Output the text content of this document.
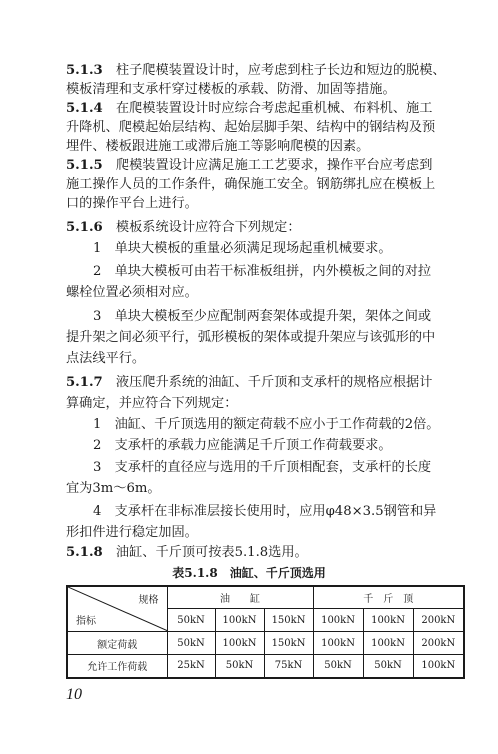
5.1.3　柱子爬模装置设计时，应考虑到柱子长边和短边的脱模、

模板清理和支承杆穿过楼板的承载、防滑、加固等措施。

5.1.4　在爬模装置设计时应综合考虑起重机械、布料机、施工

升降机、爬模起始层结构、起始层脚手架、结构中的钢结构及预

埋件、楼板跟进施工或滞后施工等影响爬模的因素。

5.1.5　爬模装置设计应满足施工工艺要求，操作平台应考虑到

施工操作人员的工作条件，确保施工安全。钢筋绑扎应在模板上

口的操作平台上进行。

5.1.6　模板系统设计应符合下列规定：

1　单块大模板的重量必须满足现场起重机械要求。

2　单块大模板可由若干标准板组拼，内外模板之间的对拉

螺栓位置必须相对应。

3　单块大模板至少应配制两套架体或提升架，架体之间或

提升架之间必须平行，弧形模板的架体或提升架应与该弧形的中

点法线平行。

5.1.7　液压爬升系统的油缸、千斤顶和支承杆的规格应根据计

算确定，并应符合下列规定：

1　油缸、千斤顶选用的额定荷载不应小于工作荷载的2倍。

2　支承杆的承载力应能满足千斤顶工作荷载要求。

3　支承杆的直径应与选用的千斤顶相配套，支承杆的长度

宜为3m～6m。

4　支承杆在非标准层接长使用时，应用φ48×3.5钢管和异

形扣件进行稳定加固。

5.1.8　油缸、千斤顶可按表5.1.8选用。

表5.1.8　油缸、千斤顶选用
规格
指标	油　　缸			千　斤　顶		
	50kN	100kN	150kN	100kN	100kN	200kN
额定荷载	50kN	100kN	150kN	100kN	100kN	200kN
允许工作荷载	25kN	50kN	75kN	50kN	50kN	100kN
10
